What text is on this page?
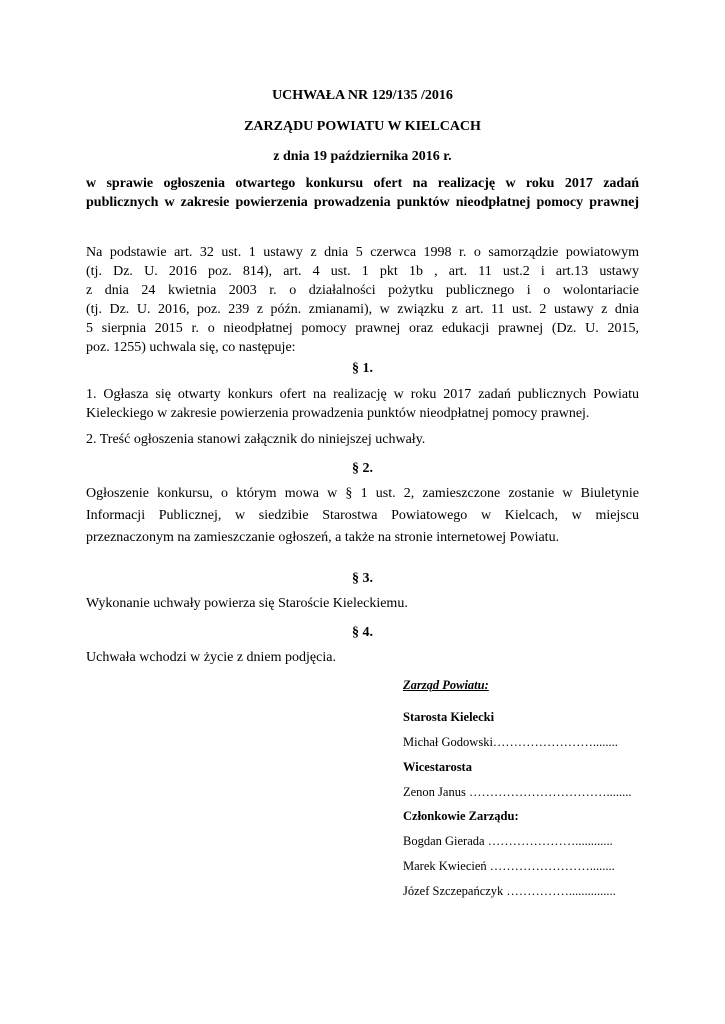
UCHWAŁA NR 129/135 /2016
ZARZĄDU POWIATU W KIELCACH
z dnia 19 października 2016 r.
w sprawie ogłoszenia otwartego konkursu ofert na realizację w roku 2017 zadań
publicznych w zakresie powierzenia prowadzenia punktów nieodpłatnej pomocy prawnej
Na podstawie art. 32 ust. 1 ustawy z dnia 5 czerwca 1998 r. o samorządzie powiatowym
(tj. Dz. U. 2016 poz. 814), art. 4 ust. 1 pkt 1b , art. 11 ust.2 i art.13 ustawy
z dnia 24 kwietnia 2003 r. o działalności pożytku publicznego i o wolontariacie
(tj. Dz. U. 2016, poz. 239 z późn. zmianami), w związku z art. 11 ust. 2 ustawy z dnia
5 sierpnia 2015 r. o nieodpłatnej pomocy prawnej oraz edukacji prawnej (Dz. U. 2015,
poz. 1255) uchwala się, co następuje:
§ 1.
1. Ogłasza się otwarty konkurs ofert na realizację w roku 2017 zadań publicznych Powiatu
Kieleckiego w zakresie powierzenia prowadzenia punktów nieodpłatnej pomocy prawnej.
2. Treść ogłoszenia stanowi załącznik do niniejszej uchwały.
§ 2.
Ogłoszenie konkursu, o którym mowa w § 1 ust. 2, zamieszczone zostanie w Biuletynie
Informacji Publicznej, w siedzibie Starostwa Powiatowego w Kielcach, w miejscu
przeznaczonym na zamieszczanie ogłoszeń, a także na stronie internetowej Powiatu.
§ 3.
Wykonanie uchwały powierza się Staroście Kieleckiemu.
§ 4.
Uchwała wchodzi w życie z dniem podjęcia.
Zarząd Powiatu:
Starosta Kielecki
Michał Godowski……………………........
Wicestarosta
Zenon Janus ……………………………........
Członkowie Zarządu:
Bogdan Gierada …………………............
Marek Kwiecień ……………………........
Józef Szczepańczyk ……………...............
